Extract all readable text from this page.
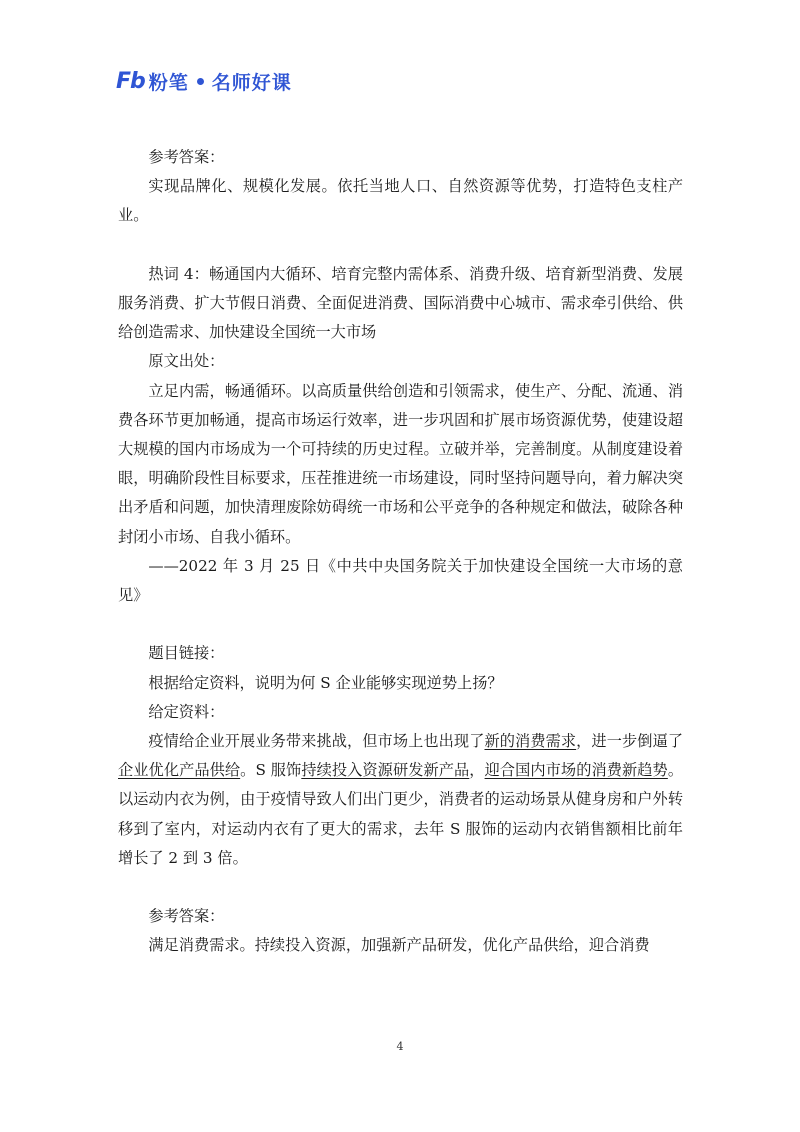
Fb 粉笔 名师好课

参考答案：

实现品牌化、规模化发展。依托当地人口、自然资源等优势，打造特色支柱产业。

热词 4：畅通国内大循环、培育完整内需体系、消费升级、培育新型消费、发展服务消费、扩大节假日消费、全面促进消费、国际消费中心城市、需求牵引供给、供给创造需求、加快建设全国统一大市场

原文出处：

立足内需，畅通循环。以高质量供给创造和引领需求，使生产、分配、流通、消费各环节更加畅通，提高市场运行效率，进一步巩固和扩展市场资源优势，使建设超大规模的国内市场成为一个可持续的历史过程。立破并举，完善制度。从制度建设着眼，明确阶段性目标要求，压茬推进统一市场建设，同时坚持问题导向，着力解决突出矛盾和问题，加快清理废除妨碍统一市场和公平竞争的各种规定和做法，破除各种封闭小市场、自我小循环。

——2022 年 3 月 25 日《中共中央国务院关于加快建设全国统一大市场的意见》

题目链接：

根据给定资料，说明为何 S 企业能够实现逆势上扬？

给定资料：

疫情给企业开展业务带来挑战，但市场上也出现了新的消费需求，进一步倒逼了企业优化产品供给。S 服饰持续投入资源研发新产品，迎合国内市场的消费新趋势。以运动内衣为例，由于疫情导致人们出门更少，消费者的运动场景从健身房和户外转移到了室内，对运动内衣有了更大的需求，去年 S 服饰的运动内衣销售额相比前年增长了 2 到 3 倍。

参考答案：

满足消费需求。持续投入资源，加强新产品研发，优化产品供给，迎合消费

4
